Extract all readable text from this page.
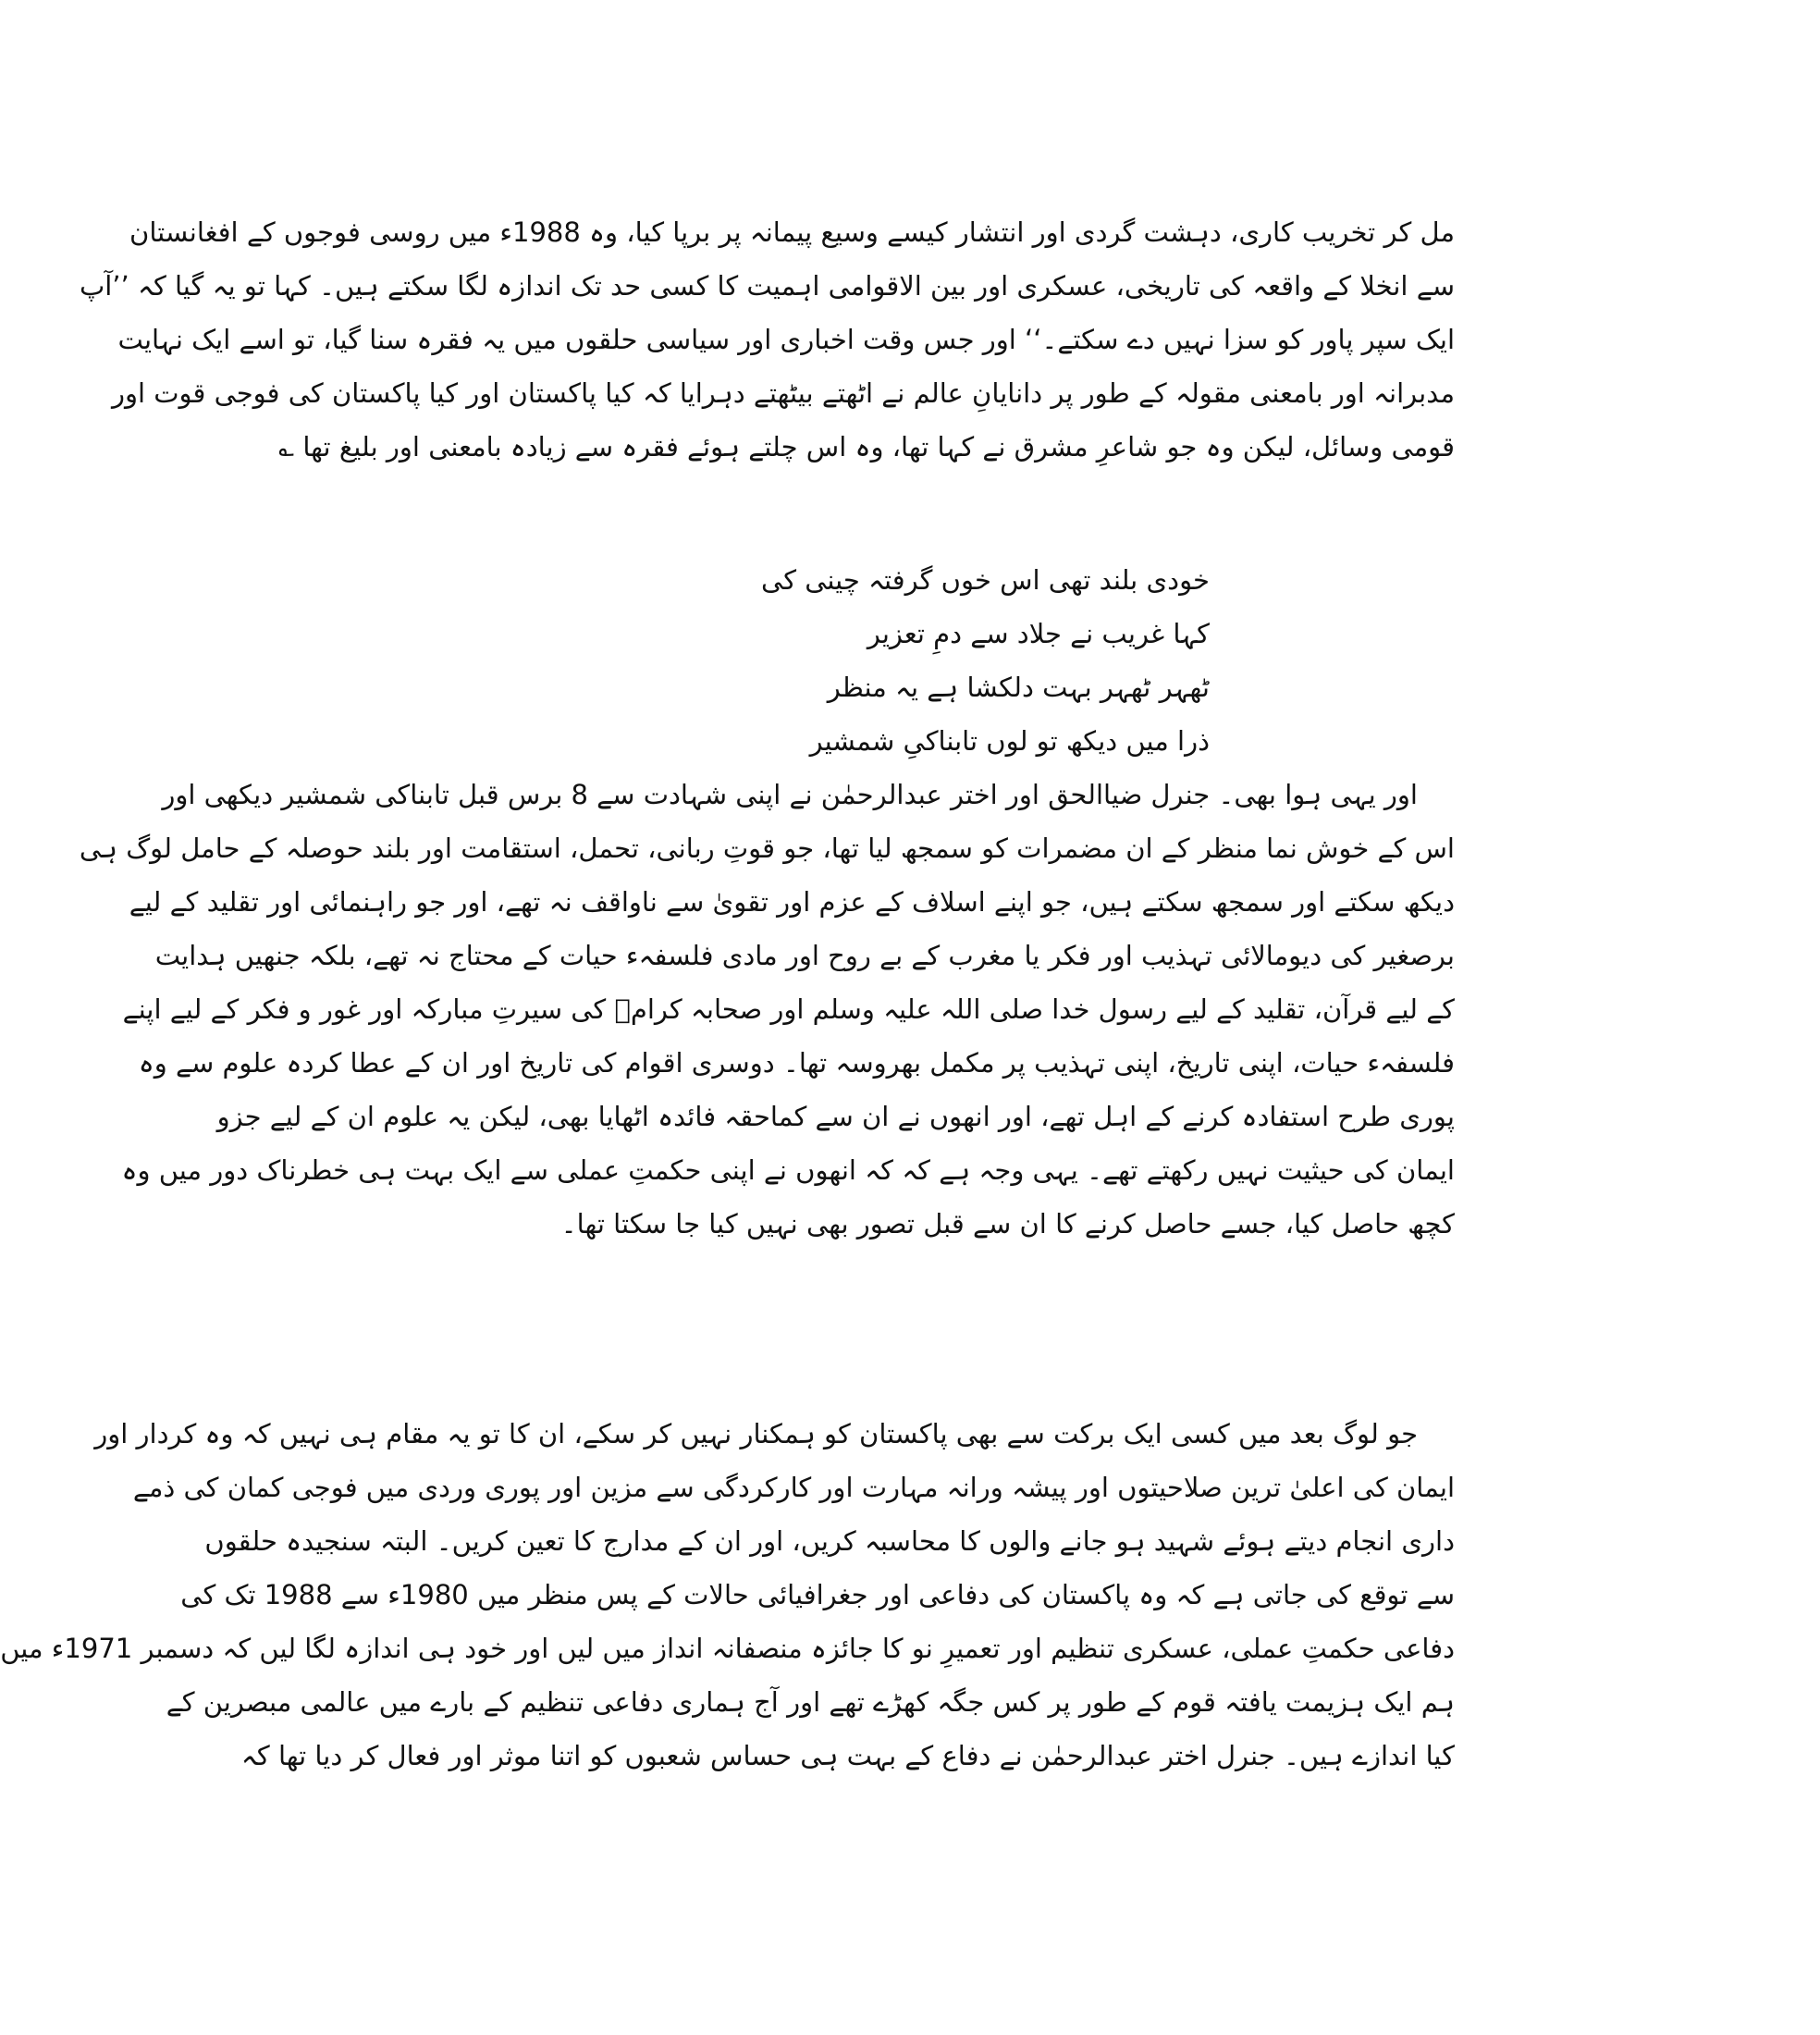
مل کر تخریب کاری، دہشت گردی اور انتشار کیسے وسیع پیمانہ پر برپا کیا، وہ 1988ء میں روسی فوجوں کے افغانستان
سے انخلا کے واقعہ کی تاریخی، عسکری اور بین الاقوامی اہمیت کا کسی حد تک اندازہ لگا سکتے ہیں۔ کہا تو یہ گیا کہ ’’آپ
ایک سپر پاور کو سزا نہیں دے سکتے۔‘‘ اور جس وقت اخباری اور سیاسی حلقوں میں یہ فقرہ سنا گیا، تو اسے ایک نہایت
مدبرانہ اور بامعنی مقولہ کے طور پر دانایانِ عالم نے اٹھتے بیٹھتے دہرایا کہ کیا پاکستان اور کیا پاکستان کی فوجی قوت اور
قومی وسائل، لیکن وہ جو شاعرِ مشرق نے کہا تھا، وہ اس چلتے ہوئے فقرہ سے زیادہ بامعنی اور بلیغ تھا ؎
خودی بلند تھی اس خوں گرفتہ چینی کی
کہا غریب نے جلاد سے دمِ تعزیر
ٹھہر ٹھہر بہت دلکشا ہے یہ منظر
ذرا میں دیکھ تو لوں تابناکیِ شمشیر
اور یہی ہوا بھی۔ جنرل ضیاالحق اور اختر عبدالرحمٰن نے اپنی شہادت سے 8 برس قبل تابناکی شمشیر دیکھی اور
اس کے خوش نما منظر کے ان مضمرات کو سمجھ لیا تھا، جو قوتِ ربانی، تحمل، استقامت اور بلند حوصلہ کے حامل لوگ ہی
دیکھ سکتے اور سمجھ سکتے ہیں، جو اپنے اسلاف کے عزم اور تقویٰ سے ناواقف نہ تھے، اور جو راہنمائی اور تقلید کے لیے
برصغیر کی دیومالائی تہذیب اور فکر یا مغرب کے بے روح اور مادی فلسفہء حیات کے محتاج نہ تھے، بلکہ جنھیں ہدایت
کے لیے قرآن، تقلید کے لیے رسول خدا صلی اللہ علیہ وسلم اور صحابہ کرامؓ کی سیرتِ مبارکہ اور غور و فکر کے لیے اپنے
فلسفہء حیات، اپنی تاریخ، اپنی تہذیب پر مکمل بھروسہ تھا۔ دوسری اقوام کی تاریخ اور ان کے عطا کردہ علوم سے وہ
پوری طرح استفادہ کرنے کے اہل تھے، اور انھوں نے ان سے کماحقہ فائدہ اٹھایا بھی، لیکن یہ علوم ان کے لیے جزو
ایمان کی حیثیت نہیں رکھتے تھے۔ یہی وجہ ہے کہ کہ انھوں نے اپنی حکمتِ عملی سے ایک بہت ہی خطرناک دور میں وہ
کچھ حاصل کیا، جسے حاصل کرنے کا ان سے قبل تصور بھی نہیں کیا جا سکتا تھا۔
جو لوگ بعد میں کسی ایک برکت سے بھی پاکستان کو ہمکنار نہیں کر سکے، ان کا تو یہ مقام ہی نہیں کہ وہ کردار اور
ایمان کی اعلیٰ ترین صلاحیتوں اور پیشہ ورانہ مہارت اور کارکردگی سے مزین اور پوری وردی میں فوجی کمان کی ذمے
داری انجام دیتے ہوئے شہید ہو جانے والوں کا محاسبہ کریں، اور ان کے مدارج کا تعین کریں۔ البتہ سنجیدہ حلقوں
سے توقع کی جاتی ہے کہ وہ پاکستان کی دفاعی اور جغرافیائی حالات کے پس منظر میں 1980ء سے 1988 تک کی
دفاعی حکمتِ عملی، عسکری تنظیم اور تعمیرِ نو کا جائزہ منصفانہ انداز میں لیں اور خود ہی اندازہ لگا لیں کہ دسمبر 1971ء میں
ہم ایک ہزیمت یافتہ قوم کے طور پر کس جگہ کھڑے تھے اور آج ہماری دفاعی تنظیم کے بارے میں عالمی مبصرین کے
کیا اندازے ہیں۔ جنرل اختر عبدالرحمٰن نے دفاع کے بہت ہی حساس شعبوں کو اتنا موثر اور فعال کر دیا تھا کہ
